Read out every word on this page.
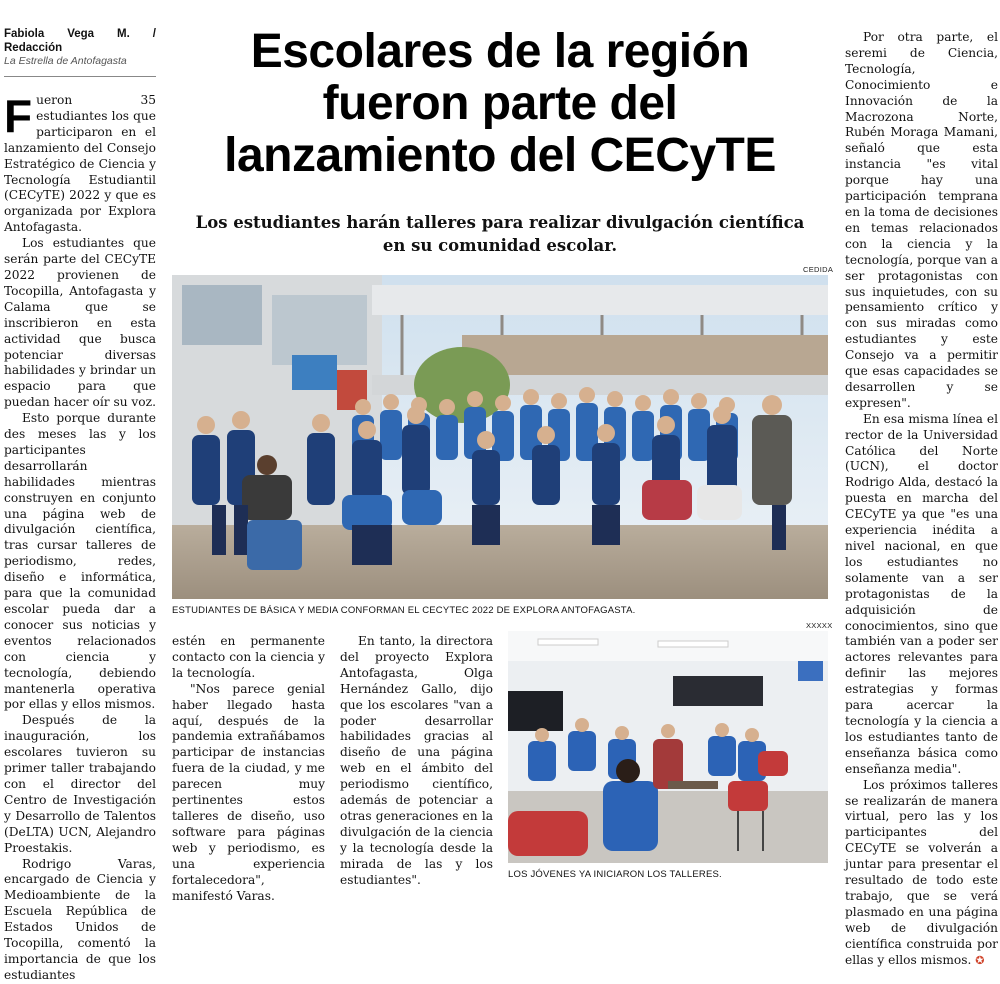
Fabiola Vega M. / Redacción
La Estrella de Antofagasta

Fueron 35 estudiantes los que participaron en el lanzamiento del Consejo Estratégico de Ciencia y Tecnología Estudiantil (CECyTE) 2022 y que es organizada por Explora Antofagasta.

Los estudiantes que serán parte del CECyTE 2022 provienen de Tocopilla, Antofagasta y Calama que se inscribieron en esta actividad que busca potenciar diversas habilidades y brindar un espacio para que puedan hacer oír su voz.

Esto porque durante des meses las y los participantes desarrollarán habilidades mientras construyen en conjunto una página web de divulgación científica, tras cursar talleres de periodismo, redes, diseño e informática, para que la comunidad escolar pueda dar a conocer sus noticias y eventos relacionados con ciencia y tecnología, debiendo mantenerla operativa por ellas y ellos mismos.

Después de la inauguración, los escolares tuvieron su primer taller trabajando con el director del Centro de Investigación y Desarrollo de Talentos (DeLTA) UCN, Alejandro Proestakis.

Rodrigo Varas, encargado de Ciencia y Medioambiente de la Escuela República de Estados Unidos de Tocopilla, comentó la importancia de que los estudiantes

Escolares de la región fueron parte del lanzamiento del CECyTE
Los estudiantes harán talleres para realizar divulgación científica en su comunidad escolar.
CEDIDA
ESTUDIANTES DE BÁSICA Y MEDIA CONFORMAN EL CECYTEC 2022 DE EXPLORA ANTOFAGASTA.

estén en permanente contacto con la ciencia y la tecnología.

"Nos parece genial haber llegado hasta aquí, después de la pandemia extrañábamos participar de instancias fuera de la ciudad, y me parecen muy pertinentes estos talleres de diseño, uso software para páginas web y periodismo, es una experiencia fortalecedora", manifestó Varas.

En tanto, la directora del proyecto Explora Antofagasta, Olga Hernández Gallo, dijo que los escolares "van a poder desarrollar habilidades gracias al diseño de una página web en el ámbito del periodismo científico, además de potenciar a otras generaciones en la divulgación de la ciencia y la tecnología desde la mirada de las y los estudiantes".

XXXXX
LOS JÓVENES YA INICIARON LOS TALLERES.

Por otra parte, el seremi de Ciencia, Tecnología, Conocimiento e Innovación de la Macrozona Norte, Rubén Moraga Mamani, señaló que esta instancia "es vital porque hay una participación temprana en la toma de decisiones en temas relacionados con la ciencia y la tecnología, porque van a ser protagonistas con sus inquietudes, con su pensamiento crítico y con sus miradas como estudiantes y este Consejo va a permitir que esas capacidades se desarrollen y se expresen".

En esa misma línea el rector de la Universidad Católica del Norte (UCN), el doctor Rodrigo Alda, destacó la puesta en marcha del CECyTE ya que "es una experiencia inédita a nivel nacional, en que los estudiantes no solamente van a ser protagonistas de la adquisición de conocimientos, sino que también van a poder ser actores relevantes para definir las mejores estrategias y formas para acercar la tecnología y la ciencia a los estudiantes tanto de enseñanza básica como enseñanza media".

Los próximos talleres se realizarán de manera virtual, pero las y los participantes del CECyTE se volverán a juntar para presentar el resultado de todo este trabajo, que se verá plasmado en una página web de divulgación científica construida por ellas y ellos mismos. ✪
